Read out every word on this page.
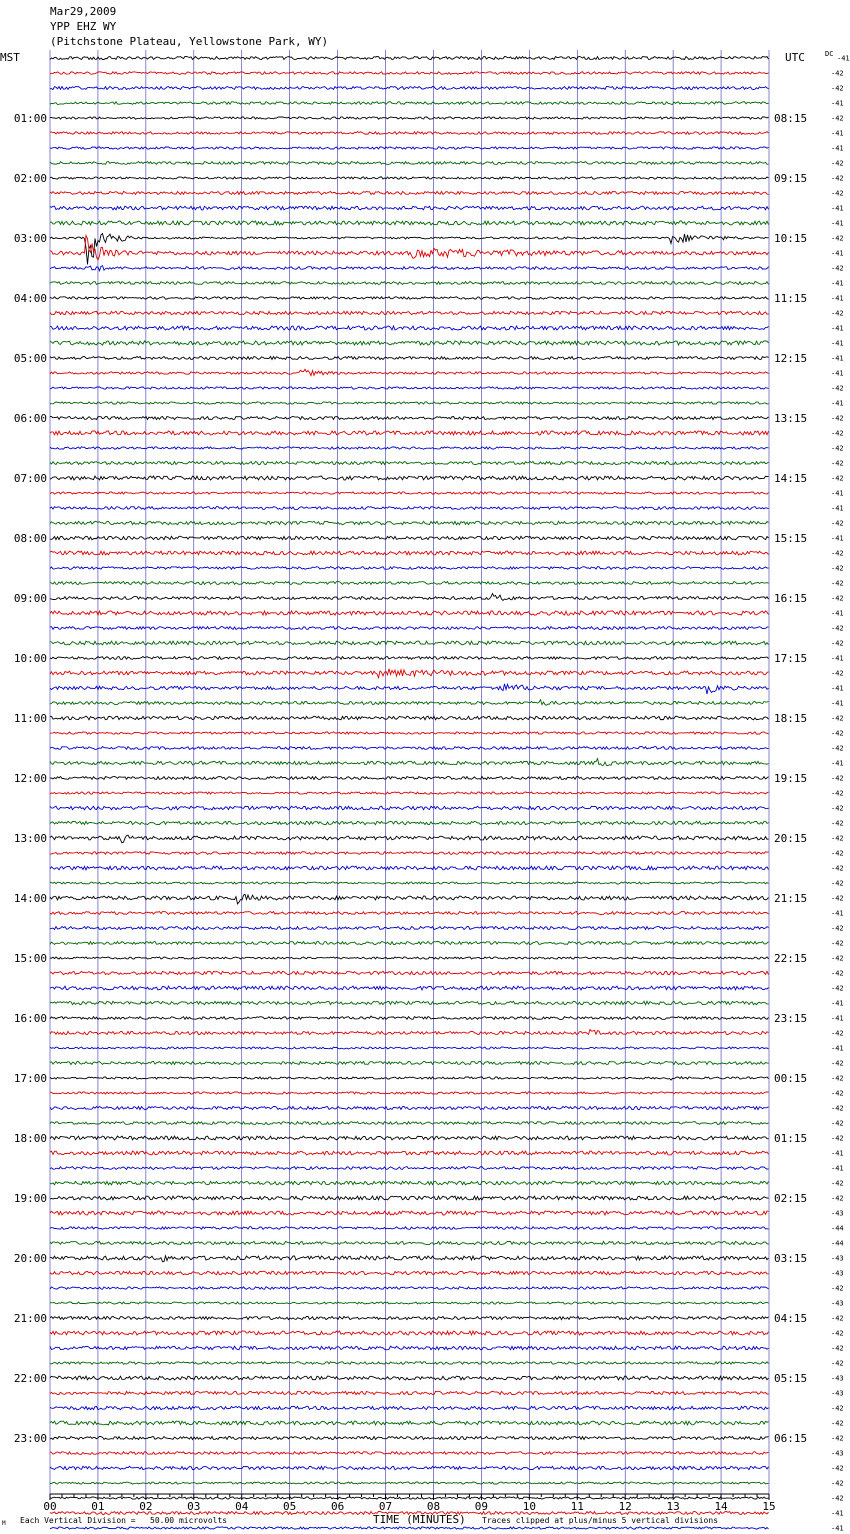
01:00
02:00
03:00
04:00
05:00
06:00
07:00
08:00
09:00
10:00
11:00
12:00
13:00
14:00
15:00
16:00
17:00
18:00
19:00
20:00
21:00
22:00
23:00
08:15
09:15
10:15
11:15
12:15
13:15
14:15
15:15
16:15
17:15
18:15
19:15
20:15
21:15
22:15
23:15
00:15
01:15
02:15
03:15
04:15
05:15
06:15
-41
-42
-42
-41
-42
-41
-41
-42
-42
-42
-41
-41
-42
-41
-42
-41
-41
-42
-41
-41
-41
-41
-42
-41
-42
-42
-42
-42
-42
-41
-41
-42
-41
-42
-42
-42
-42
-41
-42
-42
-41
-42
-41
-41
-42
-42
-42
-41
-42
-42
-42
-42
-42
-42
-42
-42
-42
-41
-42
-42
-42
-42
-42
-41
-41
-42
-41
-42
-42
-42
-42
-42
-42
-41
-41
-42
-42
-43
-44
-44
-43
-43
-42
-43
-42
-42
-42
-42
-43
-43
-42
-42
-42
-43
-42
-42
-42
-41
-41
00	01	02	03	04	05	06	07	08	09	10	11	12	13	14	15
Mar29,2009
YPP EHZ WY
(Pitchstone Plateau, Yellowstone Park, WY)
MST	UTC	DC
TIME (MINUTES)
Each Vertical Division =   50.00 microvolts	Traces clipped at plus/minus 5 vertical divisions
M
